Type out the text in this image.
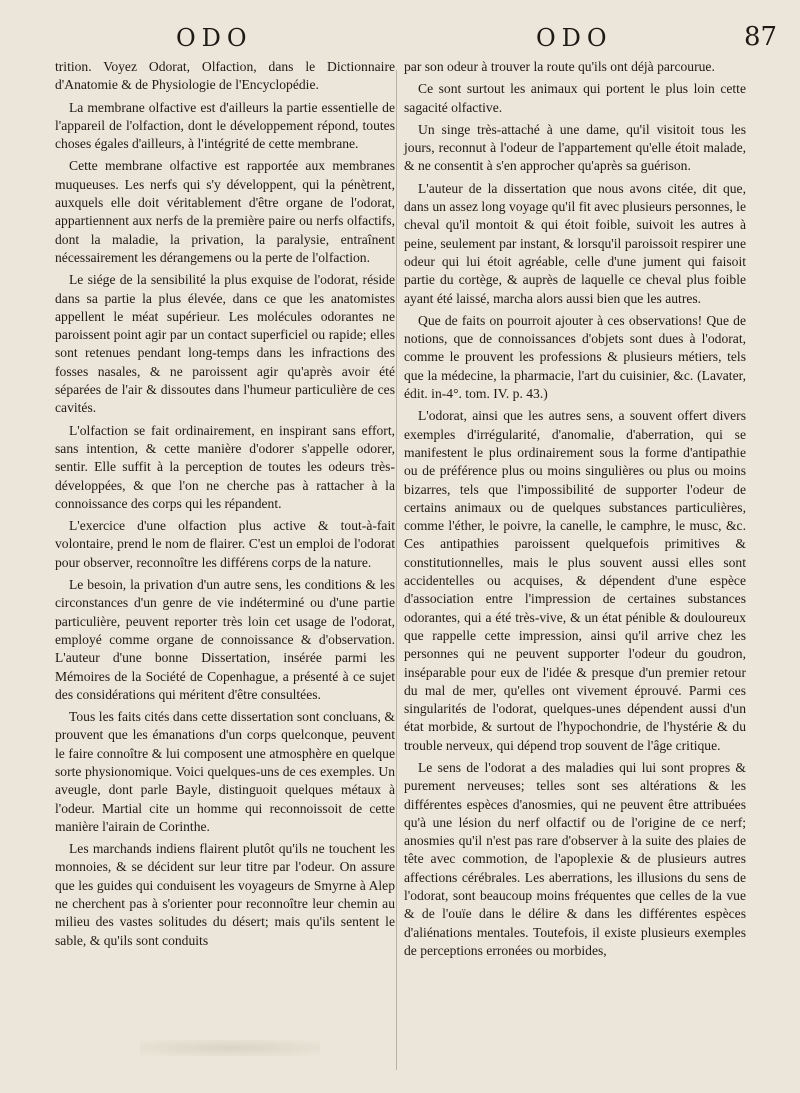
ODO	ODO	87

trition. Voyez Odorat, Olfaction, dans le Dictionnaire d'Anatomie & de Physiologie de l'Encyclopédie.

La membrane olfactive est d'ailleurs la partie essentielle de l'appareil de l'olfaction, dont le développement répond, toutes choses égales d'ailleurs, à l'intégrité de cette membrane.

Cette membrane olfactive est rapportée aux membranes muqueuses. Les nerfs qui s'y développent, qui la pénètrent, auxquels elle doit véritablement d'être organe de l'odorat, appartiennent aux nerfs de la première paire ou nerfs olfactifs, dont la maladie, la privation, la paralysie, entraînent nécessairement les dérangemens ou la perte de l'olfaction.

Le siége de la sensibilité la plus exquise de l'odorat, réside dans sa partie la plus élevée, dans ce que les anatomistes appellent le méat supérieur. Les molécules odorantes ne paroissent point agir par un contact superficiel ou rapide; elles sont retenues pendant long-temps dans les infractions des fosses nasales, & ne paroissent agir qu'après avoir été séparées de l'air & dissoutes dans l'humeur particulière de ces cavités.

L'olfaction se fait ordinairement, en inspirant sans effort, sans intention, & cette manière d'odorer s'appelle odorer, sentir. Elle suffit à la perception de toutes les odeurs très-développées, & que l'on ne cherche pas à rattacher à la connoissance des corps qui les répandent.

L'exercice d'une olfaction plus active & tout-à-fait volontaire, prend le nom de flairer. C'est un emploi de l'odorat pour observer, reconnoître les différens corps de la nature.

Le besoin, la privation d'un autre sens, les conditions & les circonstances d'un genre de vie indéterminé ou d'une partie particulière, peuvent reporter très loin cet usage de l'odorat, employé comme organe de connoissance & d'observation. L'auteur d'une bonne Dissertation, insérée parmi les Mémoires de la Société de Copenhague, a présenté à ce sujet des considérations qui méritent d'être consultées.

Tous les faits cités dans cette dissertation sont concluans, & prouvent que les émanations d'un corps quelconque, peuvent le faire connoître & lui composent une atmosphère en quelque sorte physionomique. Voici quelques-uns de ces exemples. Un aveugle, dont parle Bayle, distinguoit quelques métaux à l'odeur. Martial cite un homme qui reconnoissoit de cette manière l'airain de Corinthe.

Les marchands indiens flairent plutôt qu'ils ne touchent les monnoies, & se décident sur leur titre par l'odeur. On assure que les guides qui conduisent les voyageurs de Smyrne à Alep ne cherchent pas à s'orienter pour reconnoître leur chemin au milieu des vastes solitudes du désert; mais qu'ils sentent le sable, & qu'ils sont conduits

par son odeur à trouver la route qu'ils ont déjà parcourue.

Ce sont surtout les animaux qui portent le plus loin cette sagacité olfactive.

Un singe très-attaché à une dame, qu'il visitoit tous les jours, reconnut à l'odeur de l'appartement qu'elle étoit malade, & ne consentit à s'en approcher qu'après sa guérison.

L'auteur de la dissertation que nous avons citée, dit que, dans un assez long voyage qu'il fit avec plusieurs personnes, le cheval qu'il montoit & qui étoit foible, suivoit les autres à peine, seulement par instant, & lorsqu'il paroissoit respirer une odeur qui lui étoit agréable, celle d'une jument qui faisoit partie du cortège, & auprès de laquelle ce cheval plus foible ayant été laissé, marcha alors aussi bien que les autres.

Que de faits on pourroit ajouter à ces observations! Que de notions, que de connoissances d'objets sont dues à l'odorat, comme le prouvent les professions & plusieurs métiers, tels que la médecine, la pharmacie, l'art du cuisinier, &c. (Lavater, édit. in-4°. tom. IV. p. 43.)

L'odorat, ainsi que les autres sens, a souvent offert divers exemples d'irrégularité, d'anomalie, d'aberration, qui se manifestent le plus ordinairement sous la forme d'antipathie ou de préférence plus ou moins singulières ou plus ou moins bizarres, tels que l'impossibilité de supporter l'odeur de certains animaux ou de quelques substances particulières, comme l'éther, le poivre, la canelle, le camphre, le musc, &c. Ces antipathies paroissent quelquefois primitives & constitutionnelles, mais le plus souvent aussi elles sont accidentelles ou acquises, & dépendent d'une espèce d'association entre l'impression de certaines substances odorantes, qui a été très-vive, & un état pénible & douloureux que rappelle cette impression, ainsi qu'il arrive chez les personnes qui ne peuvent supporter l'odeur du goudron, inséparable pour eux de l'idée & presque d'un premier retour du mal de mer, qu'elles ont vivement éprouvé. Parmi ces singularités de l'odorat, quelques-unes dépendent aussi d'un état morbide, & surtout de l'hypochondrie, de l'hystérie & du trouble nerveux, qui dépend trop souvent de l'âge critique.

Le sens de l'odorat a des maladies qui lui sont propres & purement nerveuses; telles sont ses altérations & les différentes espèces d'anosmies, qui ne peuvent être attribuées qu'à une lésion du nerf olfactif ou de l'origine de ce nerf; anosmies qu'il n'est pas rare d'observer à la suite des plaies de tête avec commotion, de l'apoplexie & de plusieurs autres affections cérébrales. Les aberrations, les illusions du sens de l'odorat, sont beaucoup moins fréquentes que celles de la vue & de l'ouïe dans le délire & dans les différentes espèces d'aliénations mentales. Toutefois, il existe plusieurs exemples de perceptions erronées ou morbides,
